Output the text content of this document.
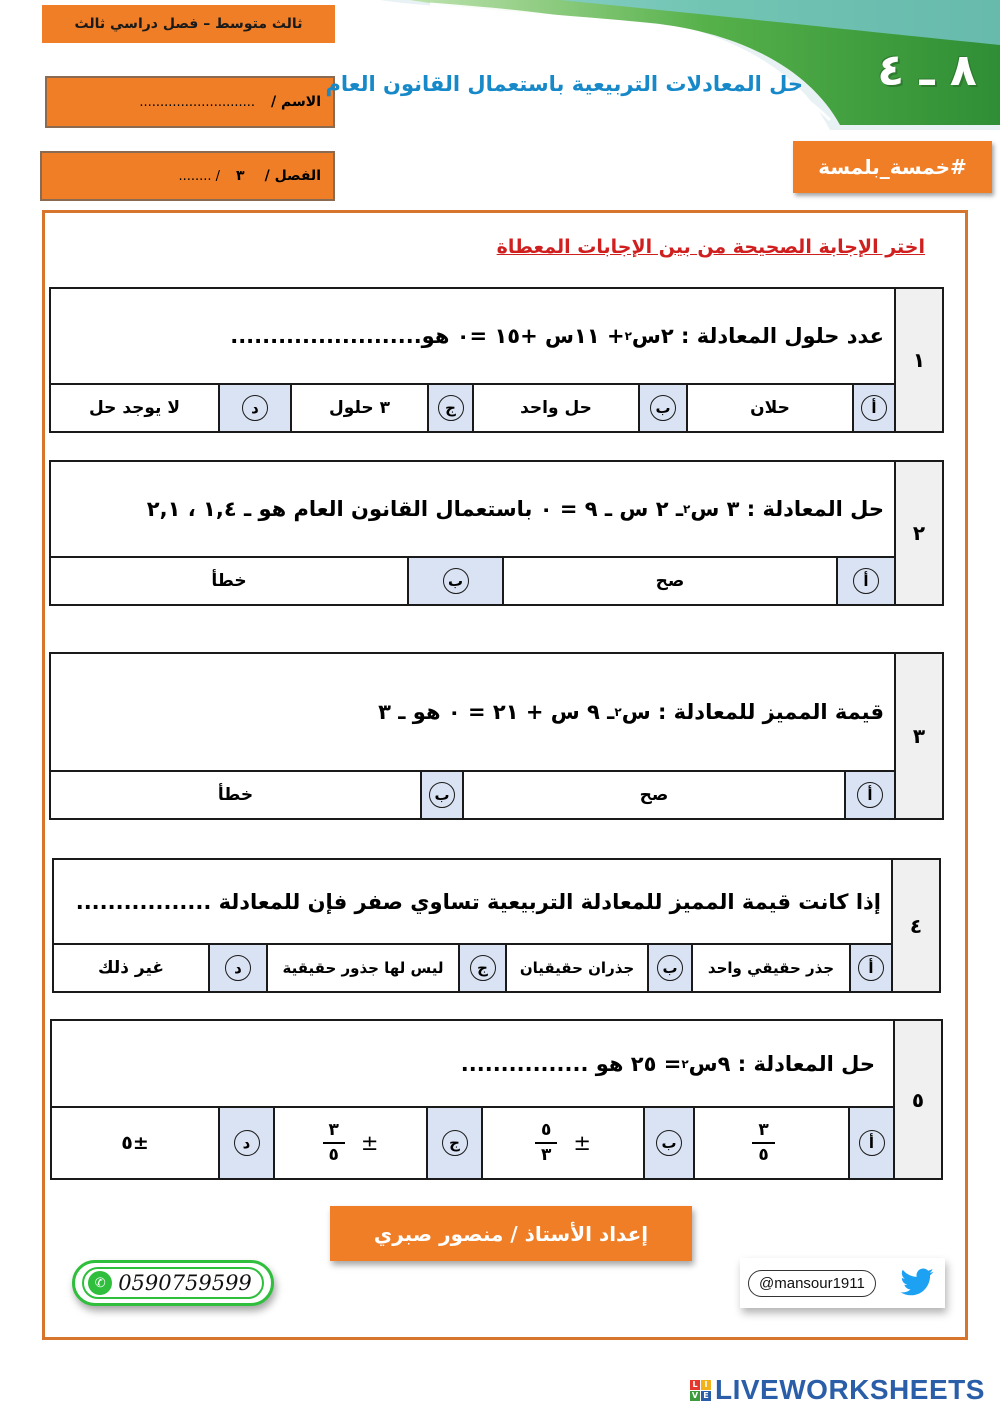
ثالث متوسط – فصل دراسي ثالث
الاسم /
............................
الفصل /
٣
/ ........
حل المعادلات التربيعية باستعمال القانون العام ٨ ـ ٤
#خمسة_بلمسة
اختر الإجابة الصحيحة من بين الإجابات المعطاة
١
عدد حلول المعادلة : ٢س
٢
+ ١١س +١٥ =٠ هو........................
أ
حلان
ب
حل واحد
ج
٣ حلول
د
لا يوجد حل
٢
حل المعادلة : ٣ س
٢
ـ ٢ س ـ ٩ = ٠ باستعمال القانون العام هو ـ ١,٤ ، ٢,١
أ
صح
ب
خطأ
٣
قيمة المميز للمعادلة : س
٢
ـ ٩ س + ٢١ = ٠ هو ـ ٣
أ
صح
ب
خطأ
٤
إذا كانت قيمة المميز للمعادلة التربيعية تساوي صفر فإن للمعادلة .................
أ
جذر حقيقي واحد
ب
جذران حقيقيان
ج
ليس لها جذور حقيقية
د
غير ذلك
٥
حل المعادلة : ٩س
٢
= ٢٥ هو ................
أ
$\frac{٣}{٥}$
ب
±
$\frac{٥}{٣}$
ج
±
$\frac{٣}{٥}$
د
±٥
إعداد الأستاذ / منصور صبري
✆ 0590759599	@mansour1911
L I
V E LIVEWORKSHEETS
